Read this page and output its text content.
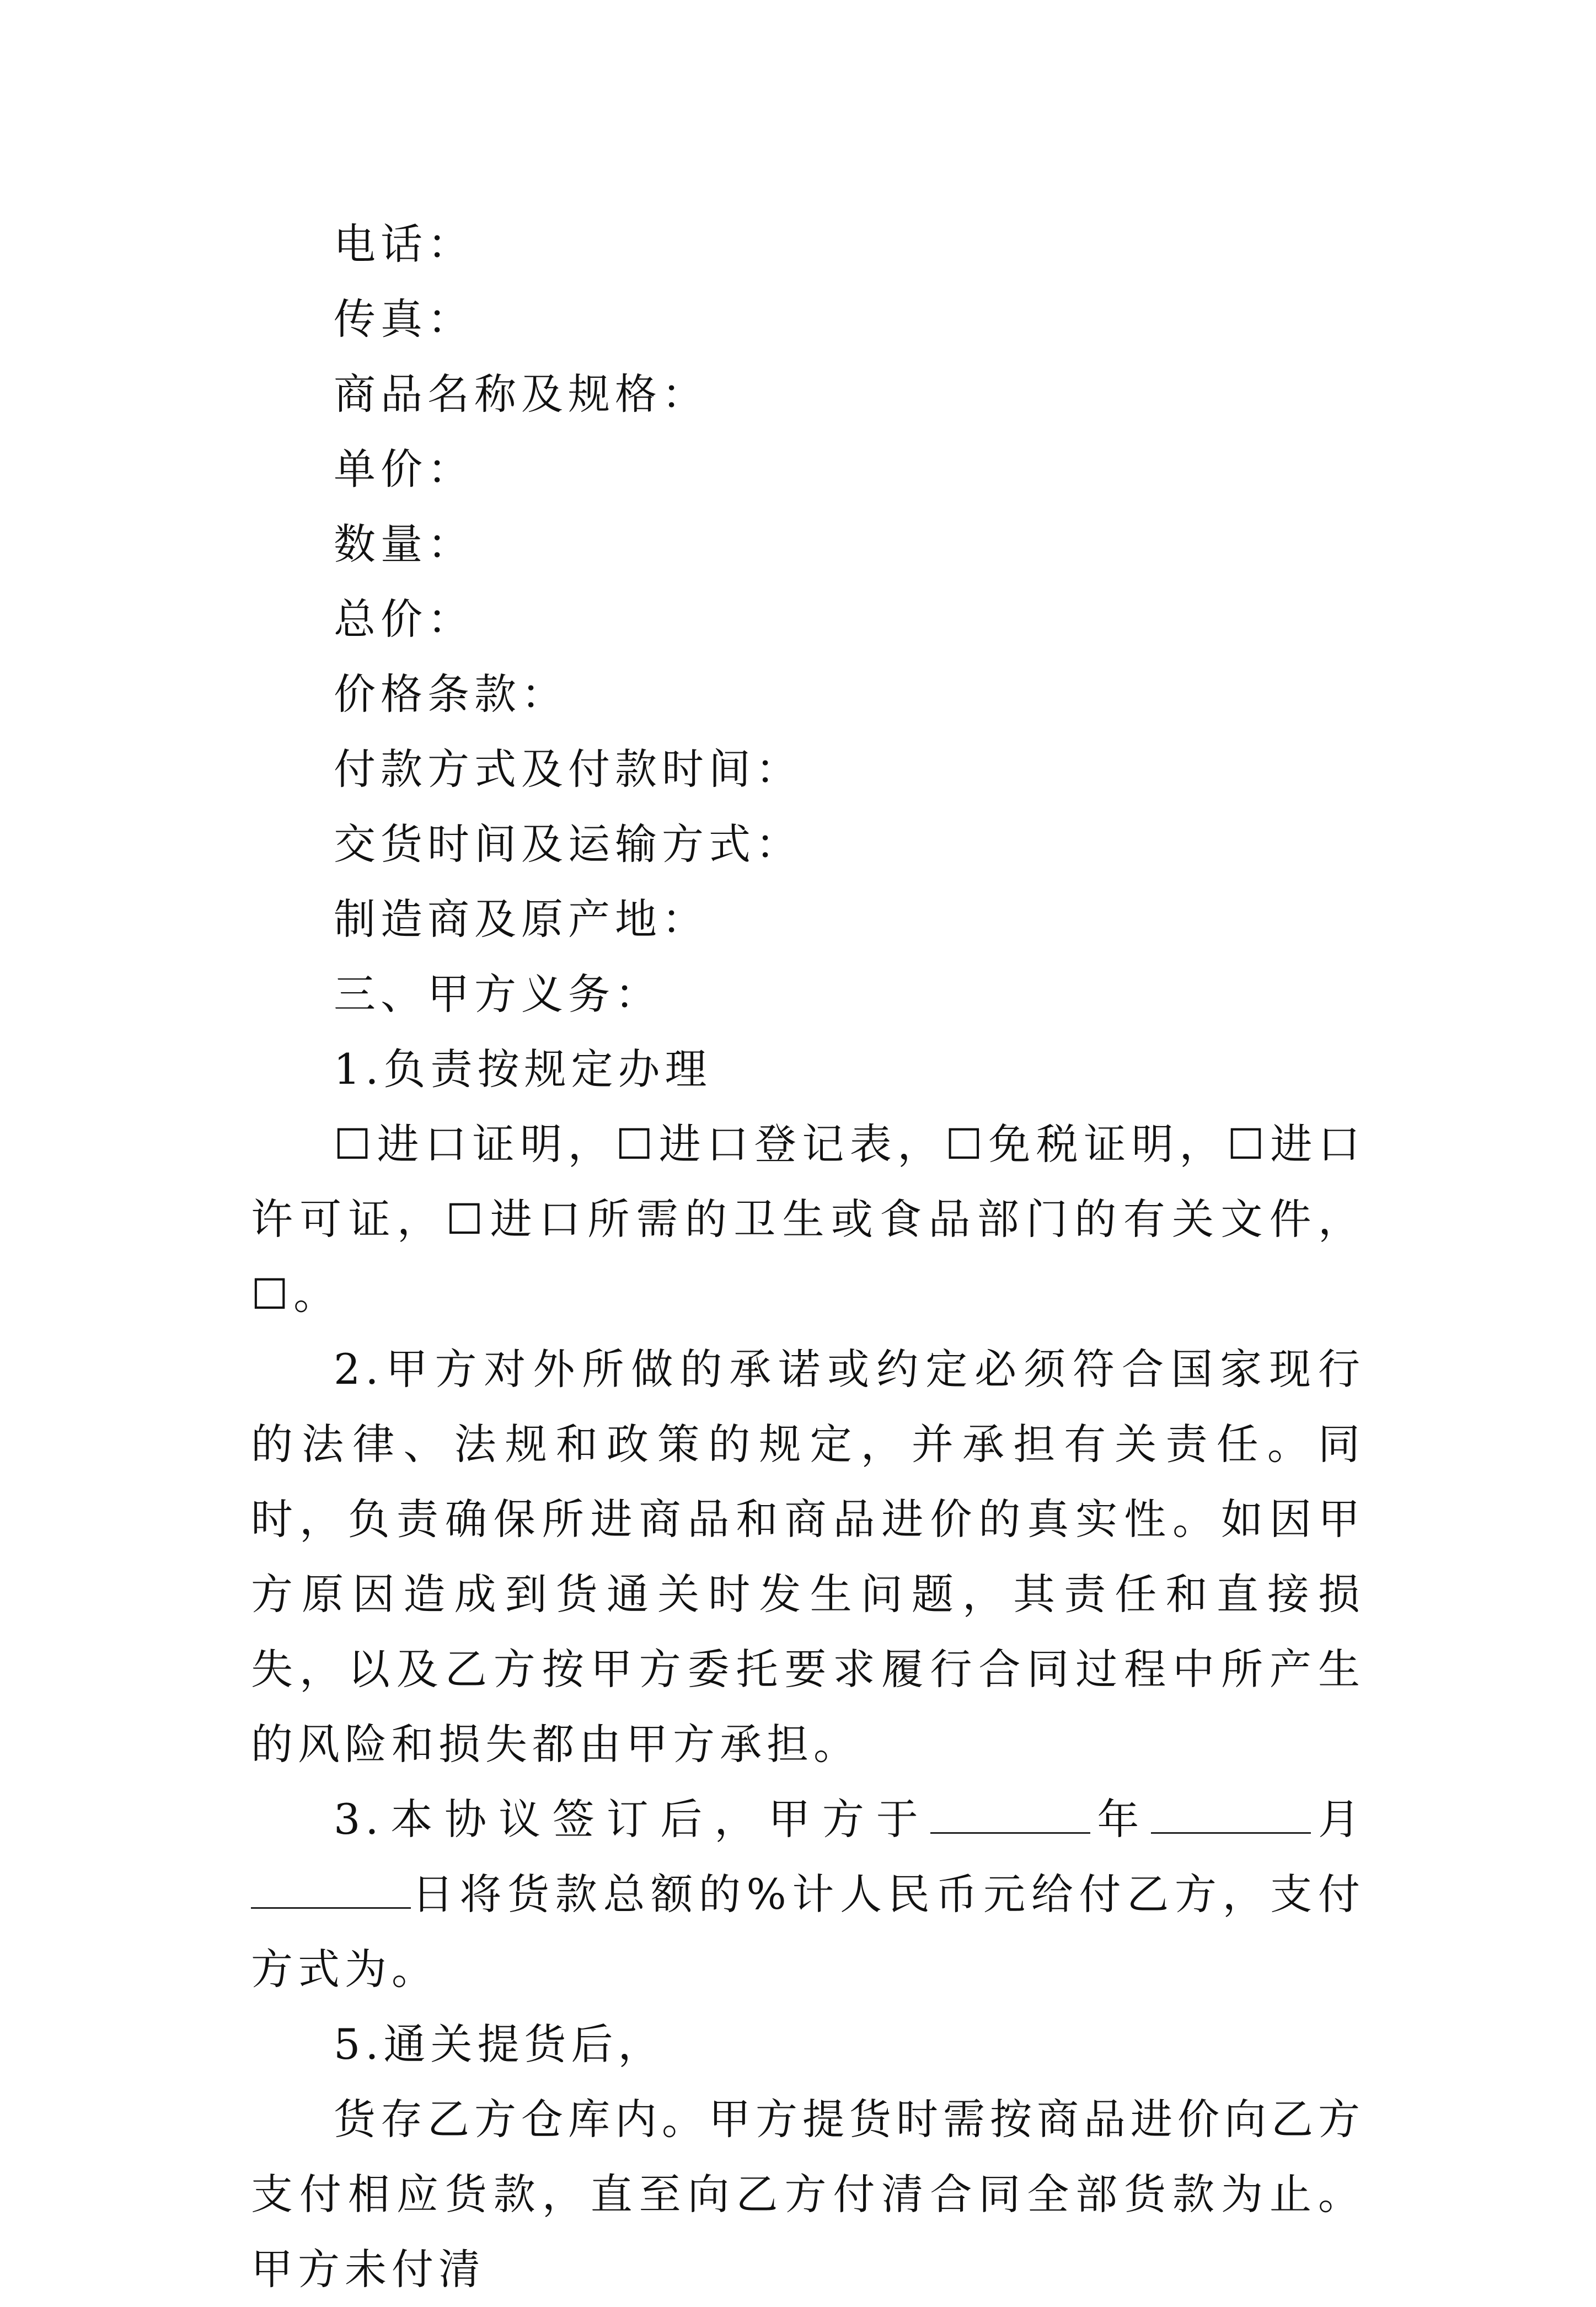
电话：

传真：

商品名称及规格：

单价：

数量：

总价：

价格条款：

付款方式及付款时间：

交货时间及运输方式：

制造商及原产地：

三、甲方义务：

1.负责按规定办理

☐进口证明，☐进口登记表，☐免税证明，☐进口许可证，☐进口所需的卫生或食品部门的有关文件，☐。

2.甲方对外所做的承诺或约定必须符合国家现行的法律、法规和政策的规定，并承担有关责任。同时，负责确保所进商品和商品进价的真实性。如因甲方原因造成到货通关时发生问题，其责任和直接损失，以及乙方按甲方委托要求履行合同过程中所产生的风险和损失都由甲方承担。

3.本协议签订后，甲方于	年	月日将货款总额的%计人民币元给付乙方，支付方式为。

5.通关提货后，

货存乙方仓库内。甲方提货时需按商品进价向乙方支付相应货款，直至向乙方付清合同全部货款为止。甲方未付清
